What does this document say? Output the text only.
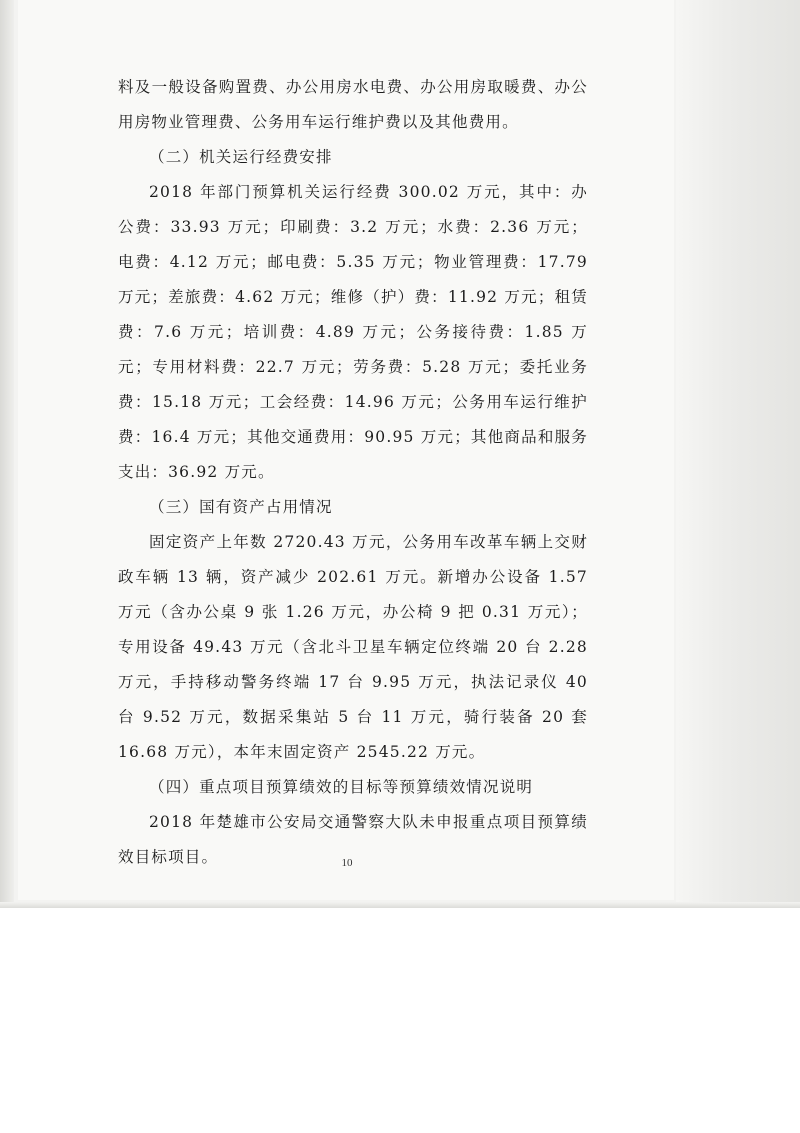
料及一般设备购置费、办公用房水电费、办公用房取暖费、办公用房物业管理费、公务用车运行维护费以及其他费用。

（二）机关运行经费安排

2018 年部门预算机关运行经费 300.02 万元，其中：办公费：33.93 万元；印刷费：3.2 万元；水费：2.36 万元；电费：4.12 万元；邮电费：5.35 万元；物业管理费：17.79 万元；差旅费：4.62 万元；维修（护）费：11.92 万元；租赁费：7.6 万元；培训费：4.89 万元；公务接待费：1.85 万元；专用材料费：22.7 万元；劳务费：5.28 万元；委托业务费：15.18 万元；工会经费：14.96 万元；公务用车运行维护费：16.4 万元；其他交通费用：90.95 万元；其他商品和服务支出：36.92 万元。

（三）国有资产占用情况

固定资产上年数 2720.43 万元，公务用车改革车辆上交财政车辆 13 辆，资产减少 202.61 万元。新增办公设备 1.57 万元（含办公桌 9 张 1.26 万元，办公椅 9 把 0.31 万元）；专用设备 49.43 万元（含北斗卫星车辆定位终端 20 台 2.28 万元，手持移动警务终端 17 台 9.95 万元，执法记录仪 40 台 9.52 万元，数据采集站 5 台 11 万元，骑行装备 20 套 16.68 万元），本年末固定资产 2545.22 万元。

（四）重点项目预算绩效的目标等预算绩效情况说明

2018 年楚雄市公安局交通警察大队未申报重点项目预算绩效目标项目。	10
